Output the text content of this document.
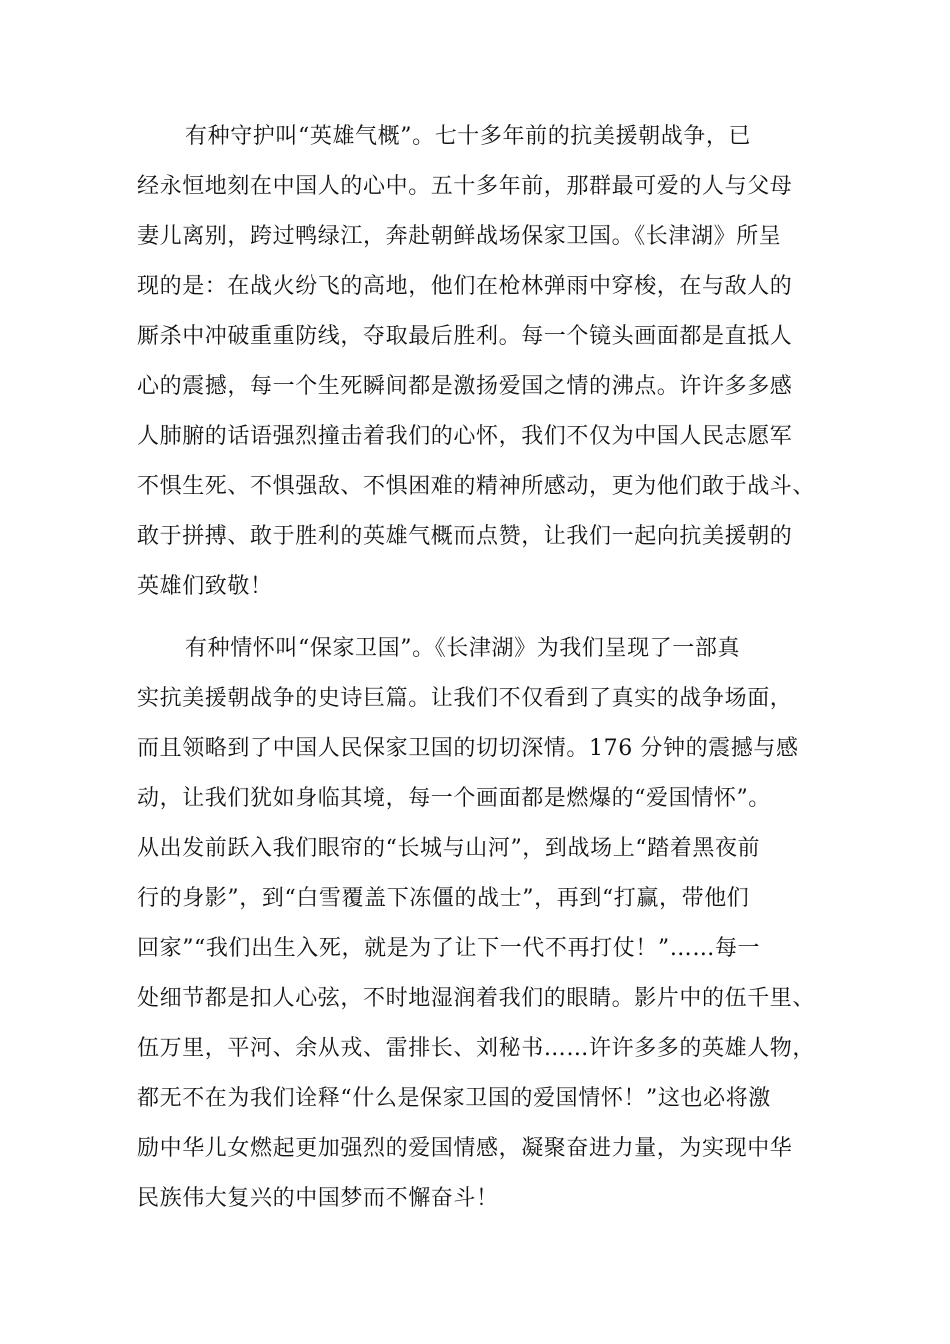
有种守护叫“英雄气概”。七十多年前的抗美援朝战争，已
经永恒地刻在中国人的心中。五十多年前，那群最可爱的人与父母
妻儿离别，跨过鸭绿江，奔赴朝鲜战场保家卫国。《长津湖》所呈
现的是：在战火纷飞的高地，他们在枪林弹雨中穿梭，在与敌人的
厮杀中冲破重重防线，夺取最后胜利。每一个镜头画面都是直抵人
心的震撼，每一个生死瞬间都是激扬爱国之情的沸点。许许多多感
人肺腑的话语强烈撞击着我们的心怀，我们不仅为中国人民志愿军
不惧生死、不惧强敌、不惧困难的精神所感动，更为他们敢于战斗、
敢于拼搏、敢于胜利的英雄气概而点赞，让我们一起向抗美援朝的
英雄们致敬！
有种情怀叫“保家卫国”。《长津湖》为我们呈现了一部真
实抗美援朝战争的史诗巨篇。让我们不仅看到了真实的战争场面，
而且领略到了中国人民保家卫国的切切深情。176 分钟的震撼与感
动，让我们犹如身临其境，每一个画面都是燃爆的“爱国情怀”。
从出发前跃入我们眼帘的“长城与山河”，到战场上“踏着黑夜前
行的身影”，到“白雪覆盖下冻僵的战士”，再到“打赢，带他们
回家”“我们出生入死，就是为了让下一代不再打仗！”……每一
处细节都是扣人心弦，不时地湿润着我们的眼睛。影片中的伍千里、
伍万里，平河、余从戎、雷排长、刘秘书……许许多多的英雄人物，
都无不在为我们诠释“什么是保家卫国的爱国情怀！”这也必将激
励中华儿女燃起更加强烈的爱国情感，凝聚奋进力量，为实现中华
民族伟大复兴的中国梦而不懈奋斗！
